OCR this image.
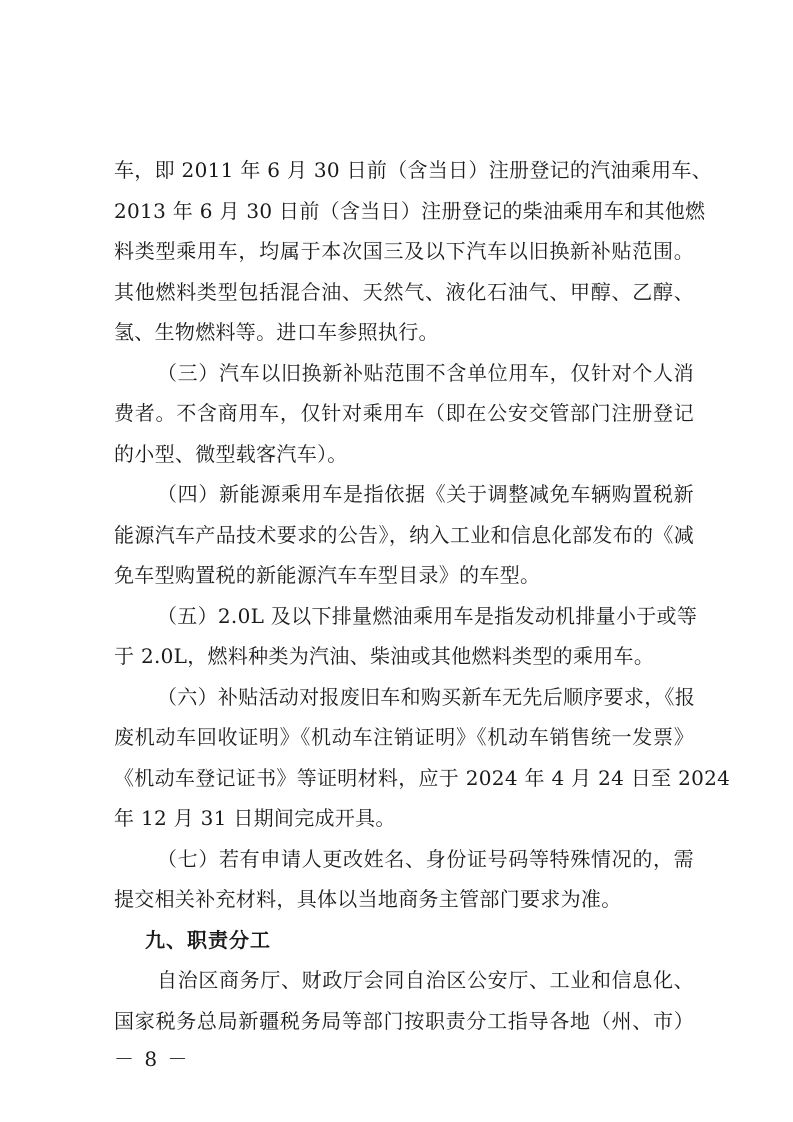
车，即 2011 年 6 月 30 日前（含当日）注册登记的汽油乘用车、
2013 年 6 月 30 日前（含当日）注册登记的柴油乘用车和其他燃
料类型乘用车，均属于本次国三及以下汽车以旧换新补贴范围。
其他燃料类型包括混合油、天然气、液化石油气、甲醇、乙醇、
氢、生物燃料等。进口车参照执行。
（三）汽车以旧换新补贴范围不含单位用车，仅针对个人消
费者。不含商用车，仅针对乘用车（即在公安交管部门注册登记
的小型、微型载客汽车）。
（四）新能源乘用车是指依据《关于调整减免车辆购置税新
能源汽车产品技术要求的公告》，纳入工业和信息化部发布的《减
免车型购置税的新能源汽车车型目录》的车型。
（五）2.0L 及以下排量燃油乘用车是指发动机排量小于或等
于 2.0L，燃料种类为汽油、柴油或其他燃料类型的乘用车。
（六）补贴活动对报废旧车和购买新车无先后顺序要求，《报
废机动车回收证明》《机动车注销证明》《机动车销售统一发票》
《机动车登记证书》等证明材料，应于 2024 年 4 月 24 日至 2024
年 12 月 31 日期间完成开具。
（七）若有申请人更改姓名、身份证号码等特殊情况的，需
提交相关补充材料，具体以当地商务主管部门要求为准。
九、职责分工
－ 8 －
自治区商务厅、财政厅会同自治区公安厅、工业和信息化、
国家税务总局新疆税务局等部门按职责分工指导各地（州、市）
